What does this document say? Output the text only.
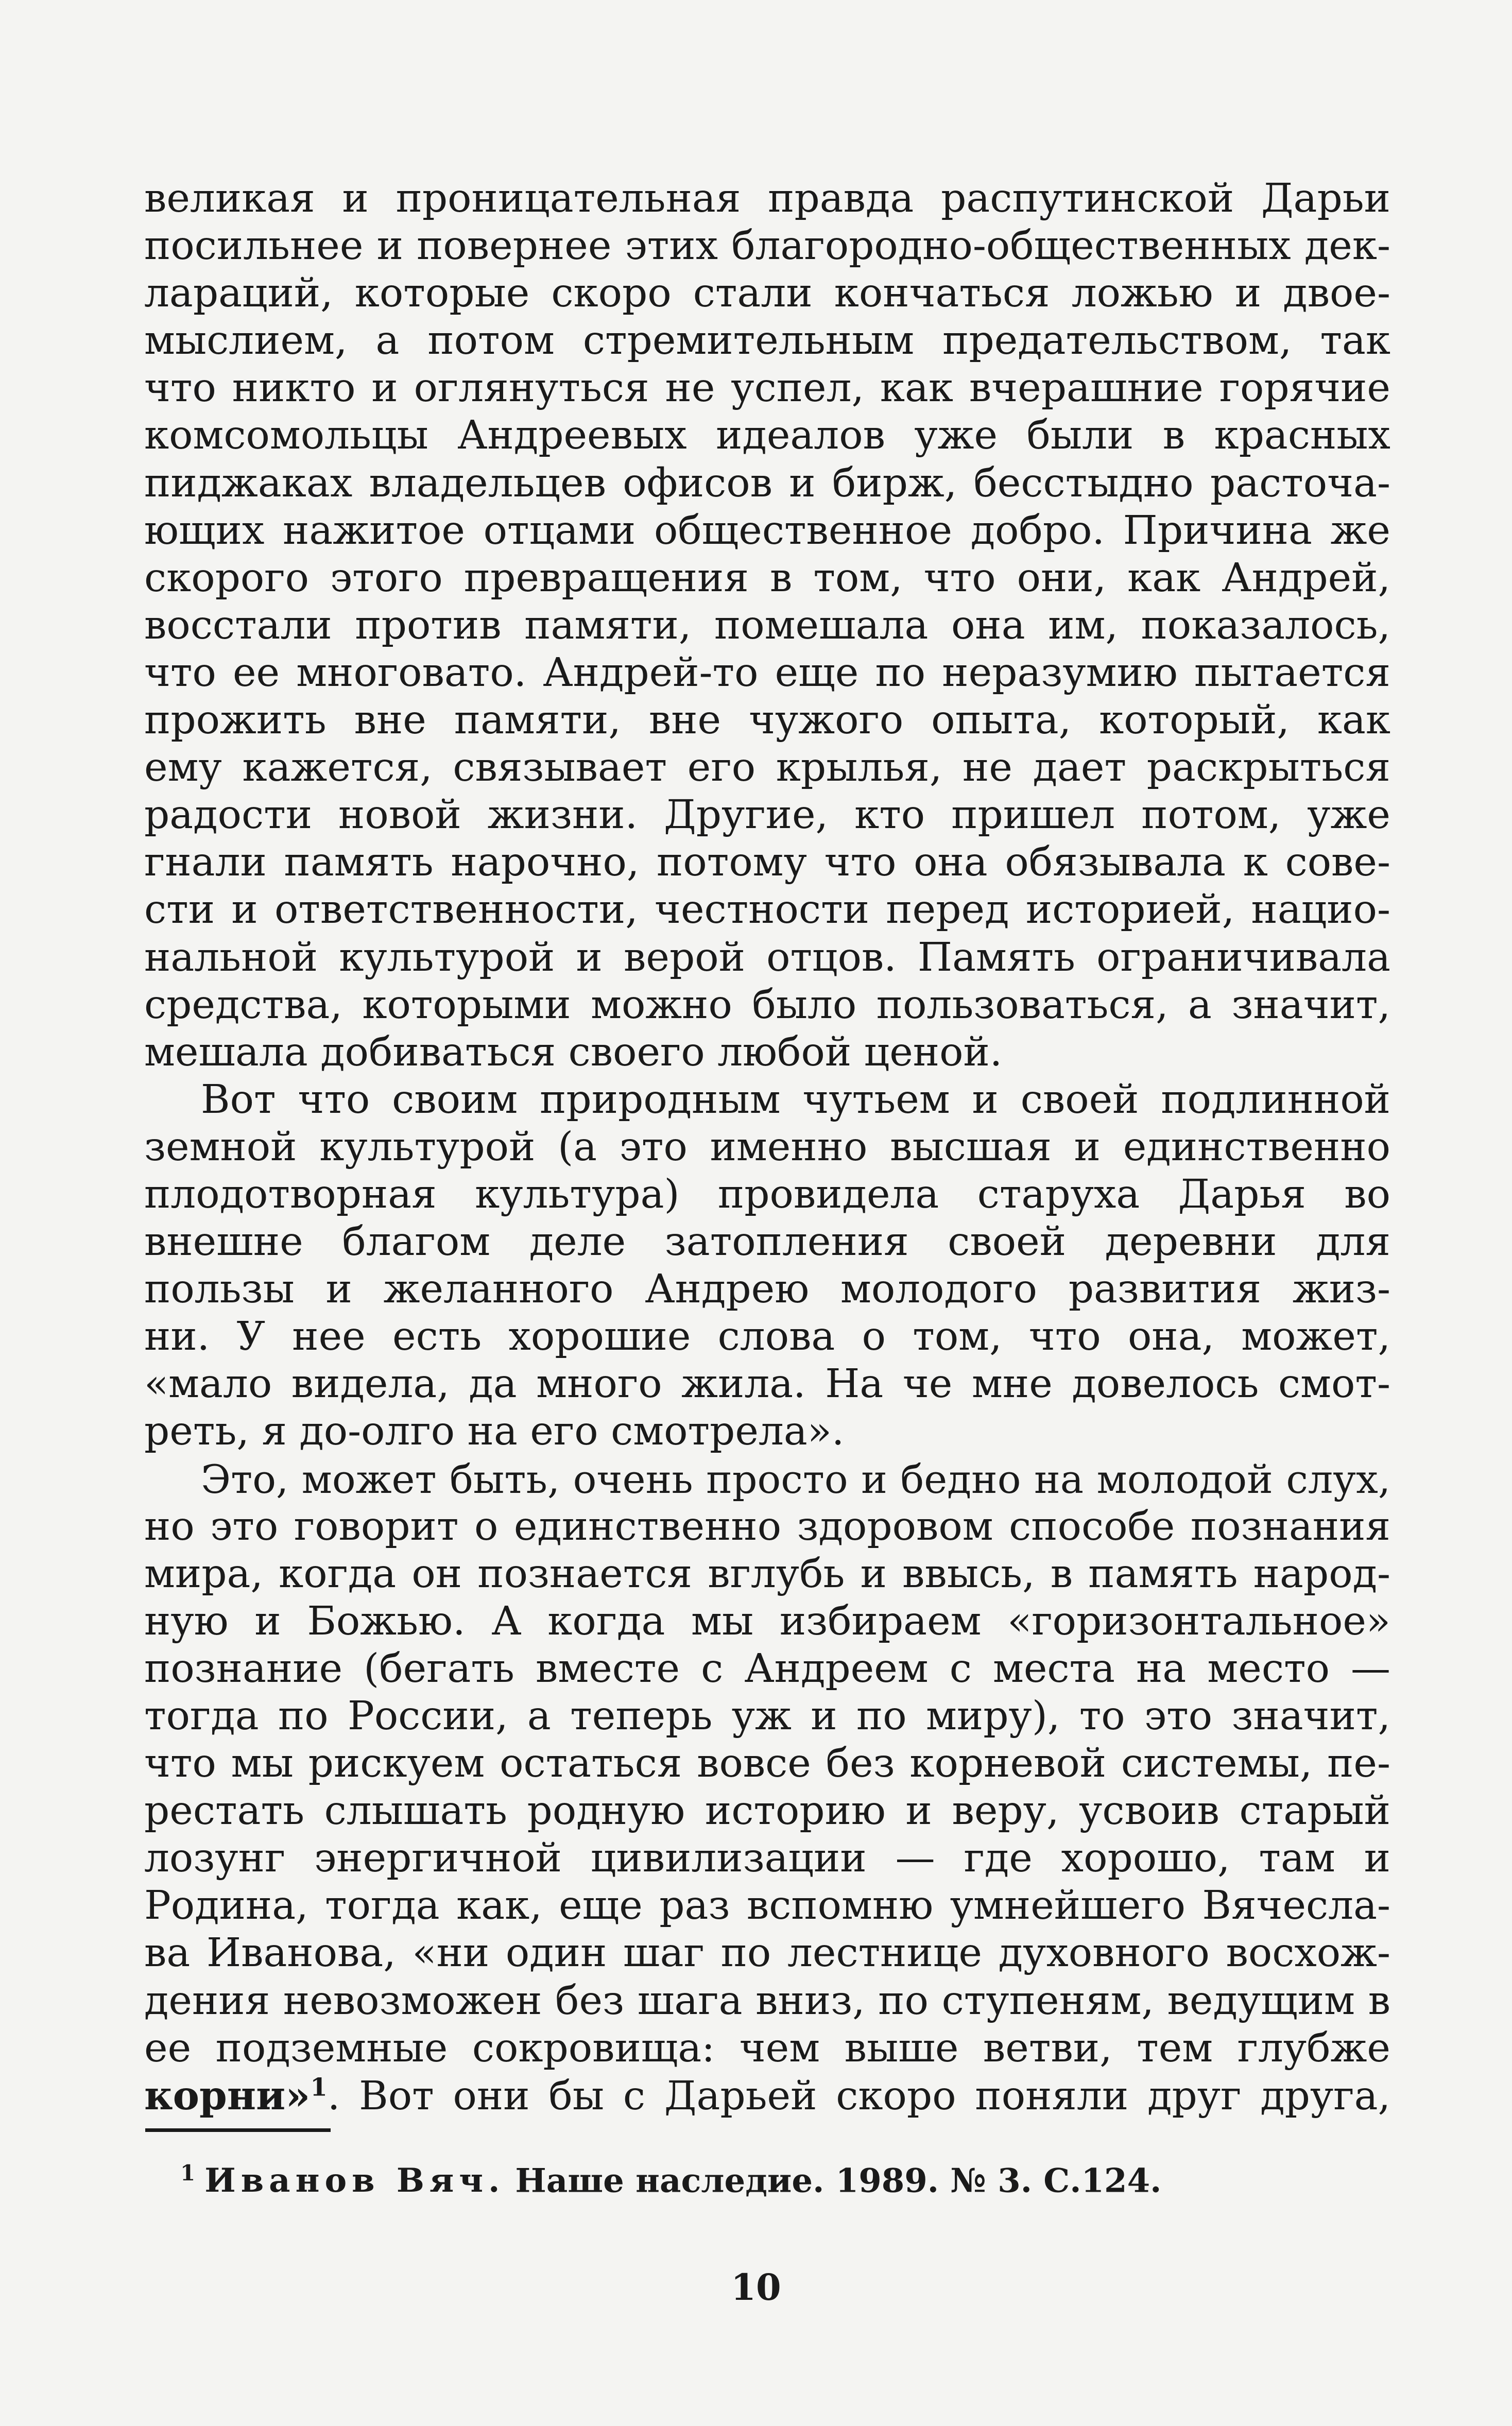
великая и проницательная правда распутинской Дарьи
посильнее и повернее этих благородно-общественных дек-
лараций, которые скоро стали кончаться ложью и двое-
мыслием, а потом стремительным предательством, так
что никто и оглянуться не успел, как вчерашние горячие
комсомольцы Андреевых идеалов уже были в красных
пиджаках владельцев офисов и бирж, бесстыдно расточа-
ющих нажитое отцами общественное добро. Причина же
скорого этого превращения в том, что они, как Андрей,
восстали против памяти, помешала она им, показалось,
что ее многовато. Андрей-то еще по неразумию пытается
прожить вне памяти, вне чужого опыта, который, как
ему кажется, связывает его крылья, не дает раскрыться
радости новой жизни. Другие, кто пришел потом, уже
гнали память нарочно, потому что она обязывала к сове-
сти и ответственности, честности перед историей, нацио-
нальной культурой и верой отцов. Память ограничивала
средства, которыми можно было пользоваться, а значит,
мешала добиваться своего любой ценой.
Вот что своим природным чутьем и своей подлинной
земной культурой (а это именно высшая и единственно
плодотворная культура) провидела старуха Дарья во
внешне благом деле затопления своей деревни для
пользы и желанного Андрею молодого развития жиз-
ни. У нее есть хорошие слова о том, что она, может,
«мало видела, да много жила. На че мне довелось смот-
реть, я до-олго на его смотрела».
Это, может быть, очень просто и бедно на молодой слух,
но это говорит о единственно здоровом способе познания
мира, когда он познается вглубь и ввысь, в память народ-
ную и Божью. А когда мы избираем «горизонтальное»
познание (бегать вместе с Андреем с места на место —
тогда по России, а теперь уж и по миру), то это значит,
что мы рискуем остаться вовсе без корневой системы, пе-
рестать слышать родную историю и веру, усвоив старый
лозунг энергичной цивилизации — где хорошо, там и
Родина, тогда как, еще раз вспомню умнейшего Вячесла-
ва Иванова, «ни один шаг по лестнице духовного восхож-
дения невозможен без шага вниз, по ступеням, ведущим в
ее подземные сокровища: чем выше ветви, тем глубже
корни»$^1$. Вот они бы с Дарьей скоро поняли друг друга,
$^1$ Иванов Вяч. Наше наследие. 1989. № 3. С.124.
10
